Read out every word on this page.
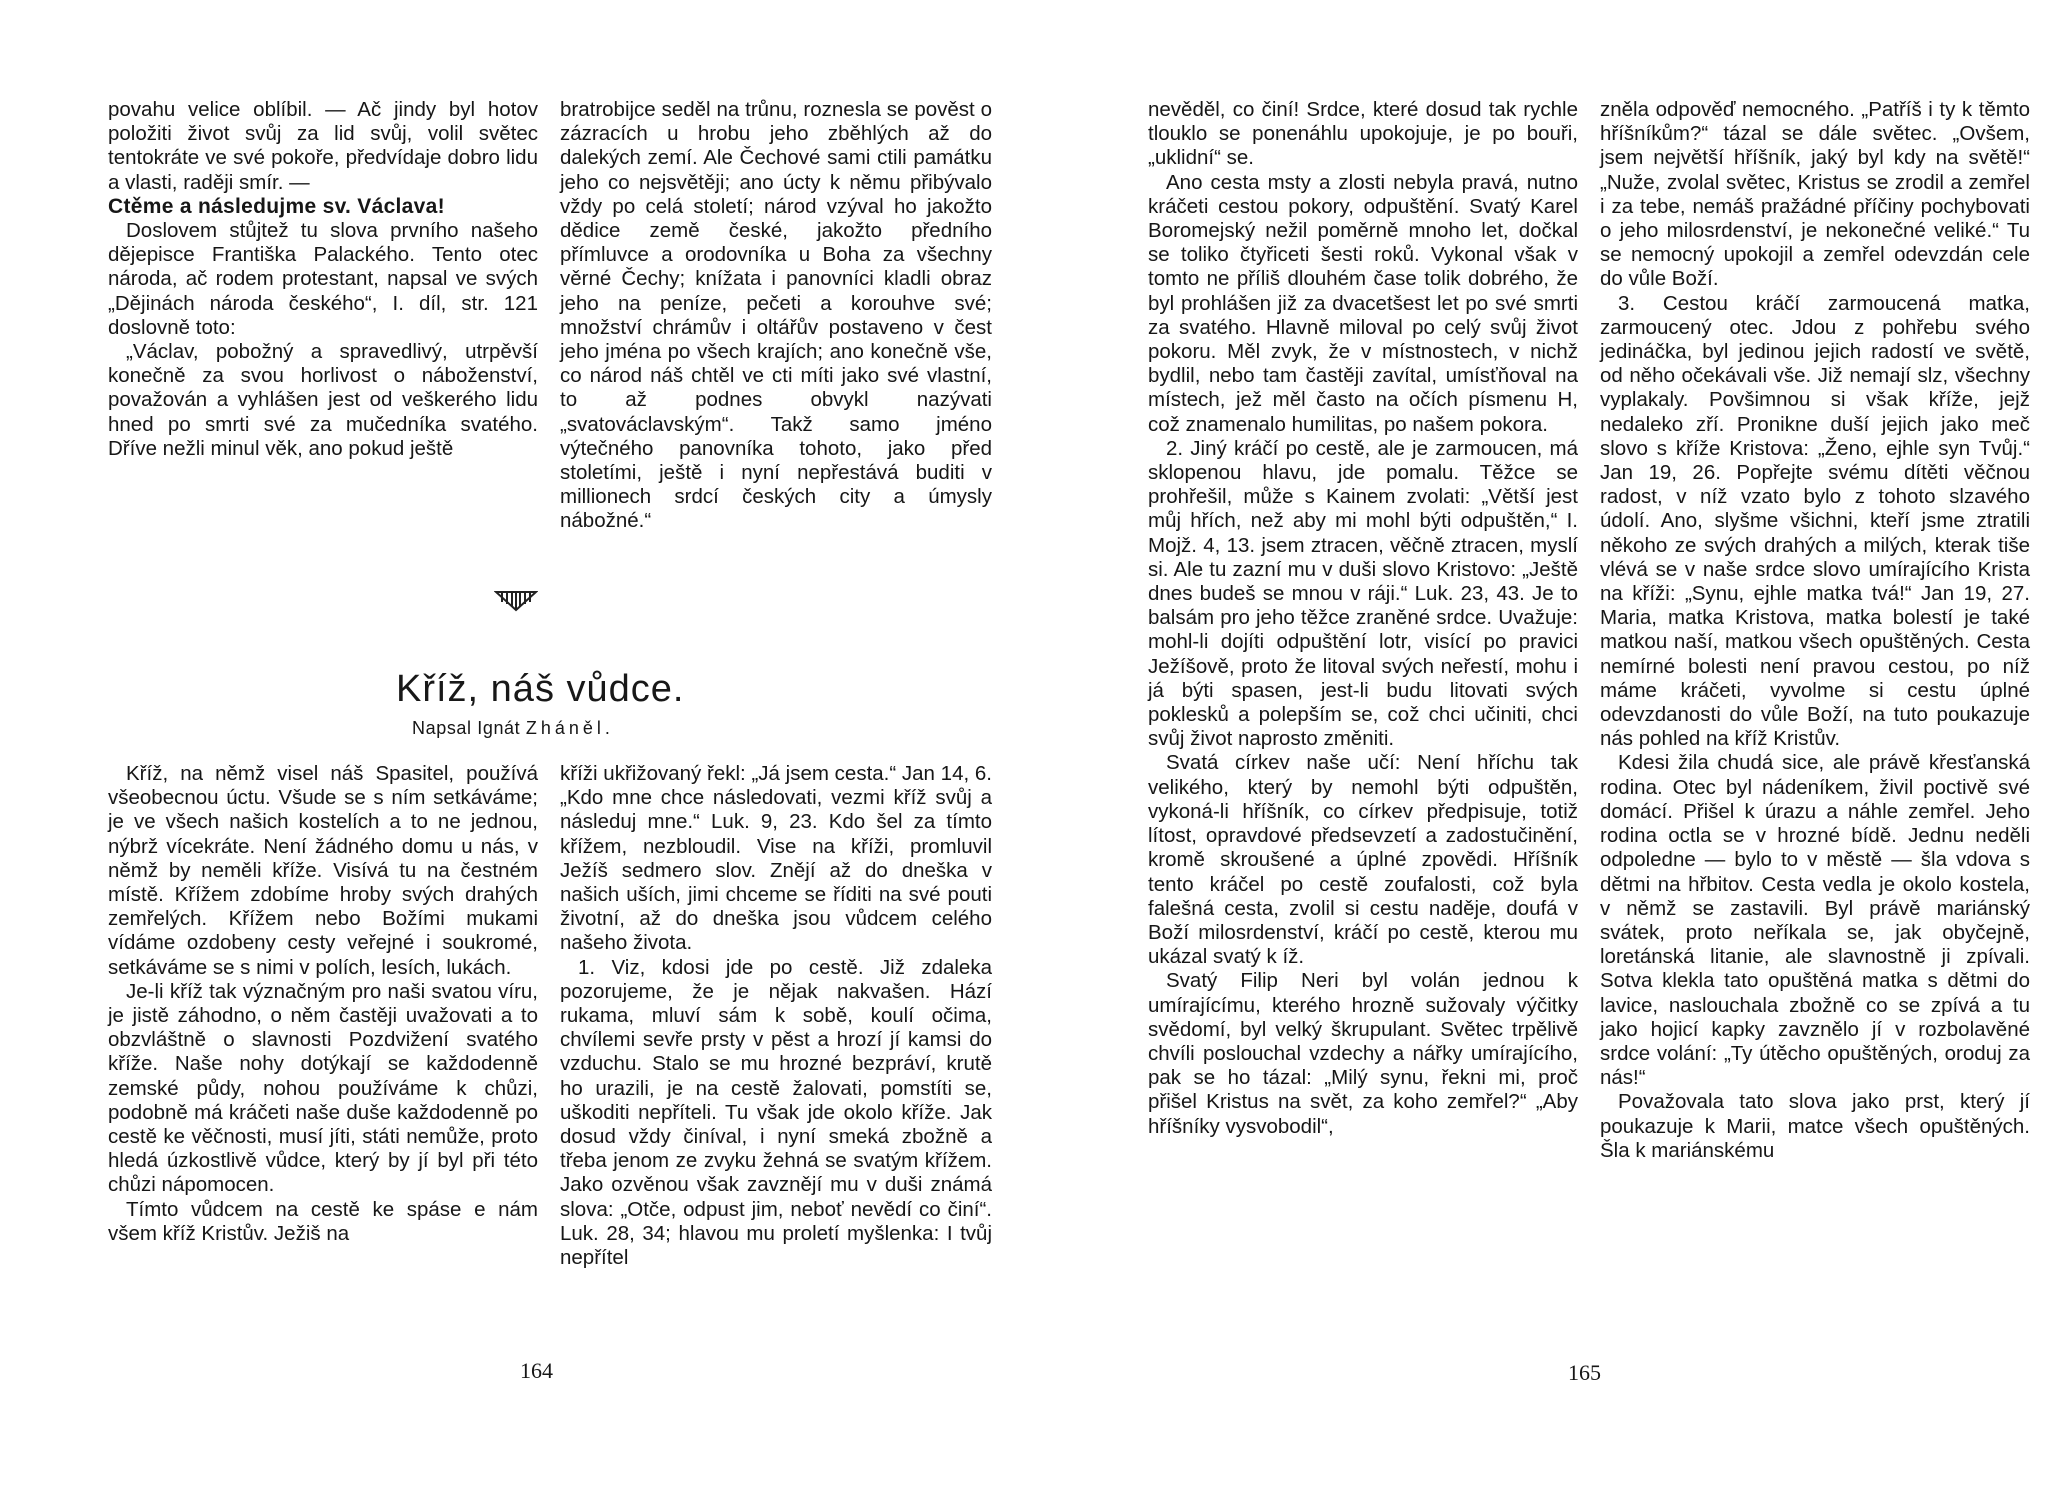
povahu velice oblíbil. — Ač jindy byl hotov položiti život svůj za lid svůj, volil světec tentokráte ve své pokoře, předvídaje dobro lidu a vlasti, raději smír. —

Ctěme a následujme sv. Václava!

Doslovem stůjtež tu slova prvního našeho dějepisce Františka Palackého. Tento otec národa, ač rodem protestant, napsal ve svých „Dějinách národa českého“, I. díl, str. 121 doslovně toto:

„Václav, pobožný a spravedlivý, utrpěvší konečně za svou horlivost o náboženství, považován a vyhlášen jest od veškerého lidu hned po smrti své za mučedníka svatého. Dříve nežli minul věk, ano pokud ještě

bratrobijce seděl na trůnu, roznesla se pověst o zázracích u hrobu jeho zběhlých až do dalekých zemí. Ale Čechové sami ctili památku jeho co nejsvětěji; ano úcty k němu přibývalo vždy po celá století; národ vzýval ho jakožto dědice země české, jakožto předního přímluvce a orodovníka u Boha za všechny věrné Čechy; knížata i panovníci kladli obraz jeho na peníze, pečeti a korouhve své; množství chrámův i oltářův postaveno v čest jeho jména po všech krajích; ano konečně vše, co národ náš chtěl ve cti míti jako své vlastní, to až podnes obvykl nazývati „svatováclavským“. Takž samo jméno výtečného panovníka tohoto, jako před stoletími, ještě i nyní nepřestává buditi v millionech srdcí českých city a úmysly nábožné.“

Kříž, náš vůdce.
Napsal Ignát Zháněl.

Kříž, na němž visel náš Spasitel, používá všeobecnou úctu. Všude se s ním setkáváme; je ve všech našich kostelích a to ne jednou, nýbrž vícekráte. Není žádného domu u nás, v němž by neměli kříže. Visívá tu na čestném místě. Křížem zdobíme hroby svých drahých zemřelých. Křížem nebo Božími mukami vídáme ozdobeny cesty veřejné i soukromé, setkáváme se s nimi v polích, lesích, lukách.

Je-li kříž tak význačným pro naši svatou víru, je jistě záhodno, o něm častěji uvažovati a to obzvláštně o slavnosti Pozdvižení svatého kříže. Naše nohy dotýkají se každodenně zemské půdy, nohou používáme k chůzi, podobně má kráčeti naše duše každodenně po cestě ke věčnosti, musí jíti, státi nemůže, proto hledá úzkostlivě vůdce, který by jí byl při této chůzi nápomocen.

Tímto vůdcem na cestě ke spáse e nám všem kříž Kristův. Ježiš na

kříži ukřižovaný řekl: „Já jsem cesta.“ Jan 14, 6. „Kdo mne chce následovati, vezmi kříž svůj a následuj mne.“ Luk. 9, 23. Kdo šel za tímto křížem, nezbloudil. Vise na kříži, promluvil Ježíš sedmero slov. Znějí až do dneška v našich uších, jimi chceme se říditi na své pouti životní, až do dneška jsou vůdcem celého našeho života.

1. Viz, kdosi jde po cestě. Již zdaleka pozorujeme, že je nějak nakvašen. Hází rukama, mluví sám k sobě, koulí očima, chvílemi sevře prsty v pěst a hrozí jí kamsi do vzduchu. Stalo se mu hrozné bezpráví, krutě ho urazili, je na cestě žalovati, pomstíti se, uškoditi nepříteli. Tu však jde okolo kříže. Jak dosud vždy činíval, i nyní smeká zbožně a třeba jenom ze zvyku žehná se svatým křížem. Jako ozvěnou však zavznějí mu v duši známá slova: „Otče, odpust jim, neboť nevědí co činí“. Luk. 28, 34; hlavou mu proletí myšlenka: I tvůj nepřítel

164

nevěděl, co činí! Srdce, které dosud tak rychle tlouklo se ponenáhlu upokojuje, je po bouři, „uklidní“ se.

Ano cesta msty a zlosti nebyla pravá, nutno kráčeti cestou pokory, odpuštění. Svatý Karel Boromejský nežil poměrně mnoho let, dočkal se toliko čtyřiceti šesti roků. Vykonal však v tomto ne příliš dlouhém čase tolik dobrého, že byl prohlášen již za dvacetšest let po své smrti za svatého. Hlavně miloval po celý svůj život pokoru. Měl zvyk, že v místnostech, v nichž bydlil, nebo tam častěji zavítal, umísťňoval na místech, jež měl často na očích písmenu H, což znamenalo humilitas, po našem pokora.

2. Jiný kráčí po cestě, ale je zarmoucen, má sklopenou hlavu, jde pomalu. Těžce se prohřešil, může s Kainem zvolati: „Větší jest můj hřích, než aby mi mohl býti odpuštěn,“ I. Mojž. 4, 13. jsem ztracen, věčně ztracen, myslí si. Ale tu zazní mu v duši slovo Kristovo: „Ještě dnes budeš se mnou v ráji.“ Luk. 23, 43. Je to balsám pro jeho těžce zraněné srdce. Uvažuje: mohl-li dojíti odpuštění lotr, visící po pravici Ježíšově, proto že litoval svých neřestí, mohu i já býti spasen, jest-li budu litovati svých poklesků a polepším se, což chci učiniti, chci svůj život naprosto změniti.

Svatá církev naše učí: Není hříchu tak velikého, který by nemohl býti odpuštěn, vykoná-li hříšník, co církev předpisuje, totiž lítost, opravdové předsevzetí a zadostučinění, kromě skroušené a úplné zpovědi. Hříšník tento kráčel po cestě zoufalosti, což byla falešná cesta, zvolil si cestu naděje, doufá v Boží milosrdenství, kráčí po cestě, kterou mu ukázal svatý k íž.

Svatý Filip Neri byl volán jednou k umírajícímu, kterého hrozně sužovaly výčitky svědomí, byl velký škrupulant. Světec trpělivě chvíli poslouchal vzdechy a nářky umírajícího, pak se ho tázal: „Milý synu, řekni mi, proč přišel Kristus na svět, za koho zemřel?“ „Aby hříšníky vysvobodil“,

zněla odpověď nemocného. „Patříš i ty k těmto hříšníkům?“ tázal se dále světec. „Ovšem, jsem největší hříšník, jaký byl kdy na světě!“ „Nuže, zvolal světec, Kristus se zrodil a zemřel i za tebe, nemáš pražádné příčiny pochybovati o jeho milosrdenství, je nekonečné veliké.“ Tu se nemocný upokojil a zemřel odevzdán cele do vůle Boží.

3. Cestou kráčí zarmoucená matka, zarmoucený otec. Jdou z pohřebu svého jedináčka, byl jedinou jejich radostí ve světě, od něho očekávali vše. Již nemají slz, všechny vyplakaly. Povšimnou si však kříže, jejž nedaleko zří. Pronikne duší jejich jako meč slovo s kříže Kristova: „Ženo, ejhle syn Tvůj.“ Jan 19, 26. Popřejte svému dítěti věčnou radost, v níž vzato bylo z tohoto slzavého údolí. Ano, slyšme všichni, kteří jsme ztratili někoho ze svých drahých a milých, kterak tiše vlévá se v naše srdce slovo umírajícího Krista na kříži: „Synu, ejhle matka tvá!“ Jan 19, 27. Maria, matka Kristova, matka bolestí je také matkou naší, matkou všech opuštěných. Cesta nemírné bolesti není pravou cestou, po níž máme kráčeti, vyvolme si cestu úplné odevzdanosti do vůle Boží, na tuto poukazuje nás pohled na kříž Kristův.

Kdesi žila chudá sice, ale právě křesťanská rodina. Otec byl nádeníkem, živil poctivě své domácí. Přišel k úrazu a náhle zemřel. Jeho rodina octla se v hrozné bídě. Jednu neděli odpoledne — bylo to v městě — šla vdova s dětmi na hřbitov. Cesta vedla je okolo kostela, v němž se zastavili. Byl právě mariánský svátek, proto neříkala se, jak obyčejně, loretánská litanie, ale slavnostně ji zpívali. Sotva klekla tato opuštěná matka s dětmi do lavice, naslouchala zbožně co se zpívá a tu jako hojicí kapky zavznělo jí v rozbolavěné srdce volání: „Ty útěcho opuštěných, oroduj za nás!“

Považovala tato slova jako prst, který jí poukazuje k Marii, matce všech opuštěných. Šla k mariánskému

165
